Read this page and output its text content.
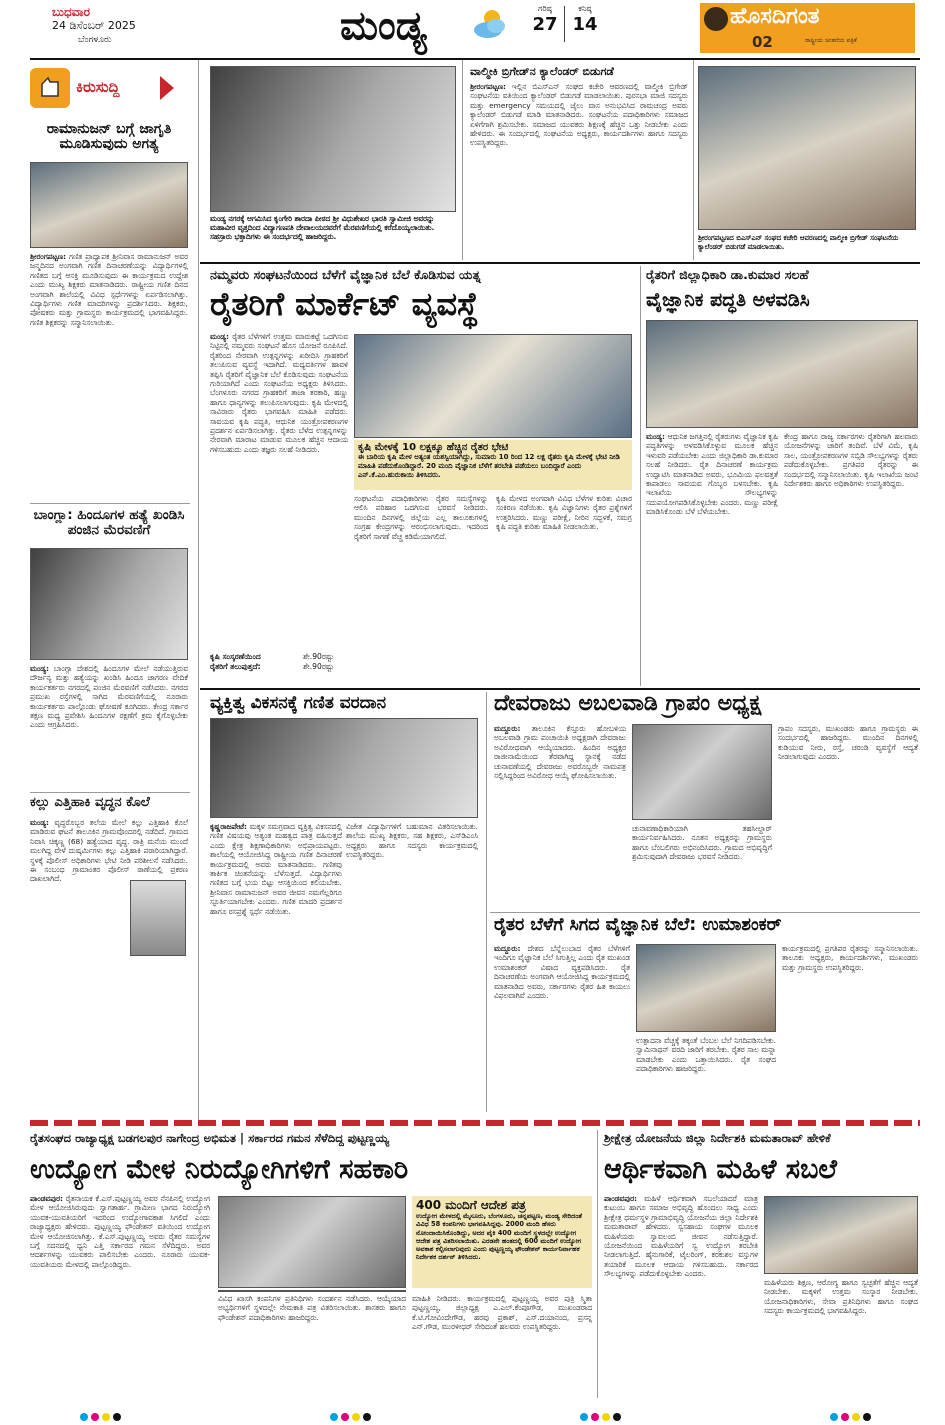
ಬುಧವಾರ
24 ಡಿಸೆಂಬರ್ 2025
ಬೆಂಗಳೂರು	ಮಂಡ್ಯ	ಗರಿಷ್ಠ
27
ಕನಿಷ್ಠ
14	ಹೊಸದಿಗಂತ
02	ರಾಷ್ಟ್ರೀಯ ಚಿಂತನೆಯ ಪತ್ರಿಕೆ
ಕಿರುಸುದ್ದಿ
ರಾಮಾನುಜನ್ ಬಗ್ಗೆ ಜಾಗೃತಿ ಮೂಡಿಸುವುದು ಅಗತ್ಯ
ಶ್ರೀರಂಗಪಟ್ಟಣ: ಗಣಿತ ಪ್ರಾಧ್ಯಾಪಕ ಶ್ರೀನಿವಾಸ ರಾಮಾನುಜನ್ ಅವರ ಜನ್ಮದಿನದ ಅಂಗವಾಗಿ ಗಣಿತ ದಿನಾಚರಣೆಯನ್ನು ವಿದ್ಯಾರ್ಥಿಗಳಲ್ಲಿ ಗಣಿತದ ಬಗ್ಗೆ ಆಸಕ್ತಿ ಮೂಡಿಸುವುದು ಈ ಕಾರ್ಯಕ್ರಮದ ಉದ್ದೇಶ ಎಂದು ಮುಖ್ಯ ಶಿಕ್ಷಕರು ಮಾತನಾಡಿದರು. ರಾಷ್ಟ್ರೀಯ ಗಣಿತ ದಿನದ ಅಂಗವಾಗಿ ಶಾಲೆಯಲ್ಲಿ ವಿವಿಧ ಸ್ಪರ್ಧೆಗಳನ್ನು ಏರ್ಪಡಿಸಲಾಗಿತ್ತು. ವಿದ್ಯಾರ್ಥಿಗಳು ಗಣಿತ ಮಾದರಿಗಳನ್ನು ಪ್ರದರ್ಶಿಸಿದರು. ಶಿಕ್ಷಕರು, ಪೋಷಕರು ಮತ್ತು ಗ್ರಾಮಸ್ಥರು ಕಾರ್ಯಕ್ರಮದಲ್ಲಿ ಭಾಗವಹಿಸಿದ್ದರು. ಗಣಿತ ಶಿಕ್ಷಕರನ್ನು ಸನ್ಮಾನಿಸಲಾಯಿತು.
ಬಾಂಗ್ಲಾ: ಹಿಂದೂಗಳ ಹತ್ಯೆ ಖಂಡಿಸಿ ಪಂಜಿನ ಮೆರವಣಿಗೆ
ಮಂಡ್ಯ: ಬಾಂಗ್ಲಾ ದೇಶದಲ್ಲಿ ಹಿಂದೂಗಳ ಮೇಲೆ ನಡೆಯುತ್ತಿರುವ ದೌರ್ಜನ್ಯ ಮತ್ತು ಹತ್ಯೆಯನ್ನು ಖಂಡಿಸಿ ಹಿಂದೂ ಜಾಗರಣ ವೇದಿಕೆ ಕಾರ್ಯಕರ್ತರು ನಗರದಲ್ಲಿ ಪಂಜಿನ ಮೆರವಣಿಗೆ ನಡೆಸಿದರು. ನಗರದ ಪ್ರಮುಖ ರಸ್ತೆಗಳಲ್ಲಿ ಸಾಗಿದ ಮೆರವಣಿಗೆಯಲ್ಲಿ ನೂರಾರು ಕಾರ್ಯಕರ್ತರು ಪಾಲ್ಗೊಂಡು ಘೋಷಣೆ ಕೂಗಿದರು. ಕೇಂದ್ರ ಸರ್ಕಾರ ತಕ್ಷಣ ಮಧ್ಯ ಪ್ರವೇಶಿಸಿ ಹಿಂದೂಗಳ ರಕ್ಷಣೆಗೆ ಕ್ರಮ ಕೈಗೊಳ್ಳಬೇಕು ಎಂದು ಆಗ್ರಹಿಸಿದರು.
ಕಲ್ಲು ಎತ್ತಿಹಾಕಿ ವೃದ್ಧನ ಕೊಲೆ
ಮಂಡ್ಯ: ವೃದ್ಧರೊಬ್ಬರ ತಲೆಯ ಮೇಲೆ ಕಲ್ಲು ಎತ್ತಿಹಾಕಿ ಕೊಲೆ ಮಾಡಿರುವ ಘಟನೆ ತಾಲೂಕಿನ ಗ್ರಾಮವೊಂದರಲ್ಲಿ ನಡೆದಿದೆ. ಗ್ರಾಮದ ನಿವಾಸಿ ಚಿಕ್ಕಣ್ಣ (68) ಹತ್ಯೆಯಾದ ವೃದ್ಧ. ರಾತ್ರಿ ಮನೆಯ ಮುಂದೆ ಮಲಗಿದ್ದ ವೇಳೆ ದುಷ್ಕರ್ಮಿಗಳು ಕಲ್ಲು ಎತ್ತಿಹಾಕಿ ಪರಾರಿಯಾಗಿದ್ದಾರೆ. ಸ್ಥಳಕ್ಕೆ ಪೊಲೀಸ್ ಅಧಿಕಾರಿಗಳು ಭೇಟಿ ನೀಡಿ ಪರಿಶೀಲನೆ ನಡೆಸಿದರು. ಈ ಸಂಬಂಧ ಗ್ರಾಮಾಂತರ ಪೊಲೀಸ್ ಠಾಣೆಯಲ್ಲಿ ಪ್ರಕರಣ ದಾಖಲಾಗಿದೆ.
ಮಂಡ್ಯ ನಗರಕ್ಕೆ ಆಗಮಿಸಿದ ಕೃಂಗೇರಿ ಶಾರದಾ ಪೀಠದ ಶ್ರೀ ವಿಧುಶೇಖರ ಭಾರತಿ ಸ್ವಾಮೀಜಿ ಅವರನ್ನು ಮಹಾವೀರ ವೃತ್ತದಿಂದ ವಿದ್ಯಾಗಣಪತಿ ದೇವಾಲಯದವರೆಗೆ ಮೆರವಣಿಗೆಯಲ್ಲಿ ಕರೆದೊಯ್ಯಲಾಯಿತು. ಸಹಸ್ರಾರು ಭಕ್ತಾದಿಗಳು ಈ ಸಂದರ್ಭದಲ್ಲಿ ಹಾಜರಿದ್ದರು.
ವಾಲ್ಮೀಕಿ ಬ್ರಿಗೇಡ್‌ನ ಕ್ಯಾಲೆಂಡರ್ ಬಿಡುಗಡೆ
ಶ್ರೀರಂಗಪಟ್ಟಣ: ಇಲ್ಲಿನ ಬಿಎಸ್‌ಎನ್ ಸಂಘದ ಕಚೇರಿ ಆವರಣದಲ್ಲಿ ವಾಲ್ಮೀಕಿ ಬ್ರಿಗೇಡ್ ಸಂಘಟನೆಯ ವತಿಯಿಂದ ಕ್ಯಾಲೆಂಡರ್ ಬಿಡುಗಡೆ ಮಾಡಲಾಯಿತು. ಪುರಸಭಾ ಮಾಜಿ ಸದಸ್ಯರು ಮತ್ತು emergency ಸಮಯದಲ್ಲಿ ಜೈಲು ವಾಸ ಅನುಭವಿಸಿದ ರಾಮಚಂದ್ರ ಅವರು ಕ್ಯಾಲೆಂಡರ್ ಬಿಡುಗಡೆ ಮಾಡಿ ಮಾತನಾಡಿದರು. ಸಂಘಟನೆಯ ಪದಾಧಿಕಾರಿಗಳು ಸಮಾಜದ ಏಳಿಗೆಗಾಗಿ ಶ್ರಮಿಸಬೇಕು. ಸಮಾಜದ ಯುವಕರು ಶಿಕ್ಷಣಕ್ಕೆ ಹೆಚ್ಚಿನ ಒತ್ತು ನೀಡಬೇಕು ಎಂದು ಹೇಳಿದರು. ಈ ಸಂದರ್ಭದಲ್ಲಿ ಸಂಘಟನೆಯ ಅಧ್ಯಕ್ಷರು, ಕಾರ್ಯದರ್ಶಿಗಳು ಹಾಗೂ ಸದಸ್ಯರು ಉಪಸ್ಥಿತರಿದ್ದರು.
ಶ್ರೀರಂಗಪಟ್ಟಣದ ಬಿಎಸ್‌ಎನ್ ಸಂಘದ ಕಚೇರಿ ಆವರಣದಲ್ಲಿ ವಾಲ್ಮೀಕಿ ಬ್ರಿಗೇಡ್ ಸಂಘಟನೆಯ ಕ್ಯಾಲೆಂಡರ್ ಬಿಡುಗಡೆ ಮಾಡಲಾಯಿತು.
ನಮ್ಮವರು ಸಂಘಟನೆಯಿಂದ ಬೆಳೆಗೆ ವೈಜ್ಞಾನಿಕ ಬೆಲೆ ಕೊಡಿಸುವ ಯತ್ನ
ರೈತರಿಗೆ ಮಾರ್ಕೆಟ್ ವ್ಯವಸ್ಥೆ
ಮಂಡ್ಯ: ರೈತರ ಬೆಳೆಗಳಿಗೆ ಉತ್ತಮ ಮಾರುಕಟ್ಟೆ ಒದಗಿಸುವ ನಿಟ್ಟಿನಲ್ಲಿ ನಮ್ಮವರು ಸಂಘಟನೆ ಹೊಸ ಯೋಜನೆ ರೂಪಿಸಿದೆ. ರೈತರಿಂದ ನೇರವಾಗಿ ಉತ್ಪನ್ನಗಳನ್ನು ಖರೀದಿಸಿ ಗ್ರಾಹಕರಿಗೆ ತಲುಪಿಸುವ ವ್ಯವಸ್ಥೆ ಇದಾಗಿದೆ. ಮಧ್ಯವರ್ತಿಗಳ ಹಾವಳಿ ತಪ್ಪಿಸಿ ರೈತರಿಗೆ ವೈಜ್ಞಾನಿಕ ಬೆಲೆ ಕೊಡಿಸುವುದು ಸಂಘಟನೆಯ ಗುರಿಯಾಗಿದೆ ಎಂದು ಸಂಘಟನೆಯ ಅಧ್ಯಕ್ಷರು ತಿಳಿಸಿದರು. ಬೆಂಗಳೂರು ನಗರದ ಗ್ರಾಹಕರಿಗೆ ತಾಜಾ ತರಕಾರಿ, ಹಣ್ಣು ಹಾಗೂ ಧಾನ್ಯಗಳನ್ನು ತಲುಪಿಸಲಾಗುವುದು. ಕೃಷಿ ಮೇಳದಲ್ಲಿ ಸಾವಿರಾರು ರೈತರು ಭಾಗವಹಿಸಿ ಮಾಹಿತಿ ಪಡೆದರು. ಸಾವಯವ ಕೃಷಿ ಪದ್ಧತಿ, ಆಧುನಿಕ ಯಂತ್ರೋಪಕರಣಗಳ ಪ್ರದರ್ಶನ ಏರ್ಪಡಿಸಲಾಗಿತ್ತು. ರೈತರು ಬೆಳೆದ ಉತ್ಪನ್ನಗಳನ್ನು ನೇರವಾಗಿ ಮಾರಾಟ ಮಾಡುವ ಮೂಲಕ ಹೆಚ್ಚಿನ ಆದಾಯ ಗಳಿಸಬಹುದು ಎಂದು ತಜ್ಞರು ಸಲಹೆ ನೀಡಿದರು.
ಕೃಷಿ ಸಂಸ್ಕರಣೆಯಿಂದ	ಶೇ.90ರಷ್ಟು
ರೈತರಿಗೆ ತಲುಪುತ್ತದೆ:	ಶೇ.90ರಷ್ಟು
ಕೃಷಿ ಮೇಳಕ್ಕೆ 10 ಲಕ್ಷಕ್ಕೂ ಹೆಚ್ಚಿನ ರೈತರ ಭೇಟಿ
ಈ ಬಾರಿಯ ಕೃಷಿ ಮೇಳ ಅತ್ಯಂತ ಯಶಸ್ವಿಯಾಗಿದ್ದು, ಸುಮಾರು 10 ರಿಂದ 12 ಲಕ್ಷ ರೈತರು ಕೃಷಿ ಮೇಳಕ್ಕೆ ಭೇಟಿ ನೀಡಿ ಮಾಹಿತಿ ಪಡೆದುಕೊಂಡಿದ್ದಾರೆ. 20 ಮಂದಿ ವೈಜ್ಞಾನಿಕ ಬೆಳೆಗೆ ತರಬೇತಿ ಪಡೆಯಲು ಬಂದಿದ್ದಾರೆ ಎಂದು ಎನ್.ಕೆ.ಎಂ.ಹುರುಕಾಯಿ ತಿಳಿಸಿದರು.
ಸಂಘಟನೆಯ ಪದಾಧಿಕಾರಿಗಳು ರೈತರ ಸಮಸ್ಯೆಗಳನ್ನು ಆಲಿಸಿ ಪರಿಹಾರ ಒದಗಿಸುವ ಭರವಸೆ ನೀಡಿದರು. ಮುಂದಿನ ದಿನಗಳಲ್ಲಿ ಜಿಲ್ಲೆಯ ಎಲ್ಲ ತಾಲೂಕುಗಳಲ್ಲಿ ಸಂಗ್ರಹ ಕೇಂದ್ರಗಳನ್ನು ಆರಂಭಿಸಲಾಗುವುದು. ಇದರಿಂದ ರೈತರಿಗೆ ಸಾಗಣೆ ವೆಚ್ಚ ಕಡಿಮೆಯಾಗಲಿದೆ.
ಕೃಷಿ ಮೇಳದ ಅಂಗವಾಗಿ ವಿವಿಧ ಬೆಳೆಗಳ ಕುರಿತು ವಿಚಾರ ಸಂಕಿರಣ ನಡೆಯಿತು. ಕೃಷಿ ವಿಜ್ಞಾನಿಗಳು ರೈತರ ಪ್ರಶ್ನೆಗಳಿಗೆ ಉತ್ತರಿಸಿದರು. ಮಣ್ಣು ಪರೀಕ್ಷೆ, ನೀರಿನ ಸದ್ಬಳಕೆ, ಸಮಗ್ರ ಕೃಷಿ ಪದ್ಧತಿ ಕುರಿತು ಮಾಹಿತಿ ನೀಡಲಾಯಿತು.
ರೈತರಿಗೆ ಜಿಲ್ಲಾಧಿಕಾರಿ ಡಾ.ಕುಮಾರ ಸಲಹೆ
ವೈಜ್ಞಾನಿಕ ಪದ್ಧತಿ ಅಳವಡಿಸಿ
ಮಂಡ್ಯ: ಆಧುನಿಕ ಜಗತ್ತಿನಲ್ಲಿ ರೈತರುಗಳು ವೈಜ್ಞಾನಿಕ ಕೃಷಿ ಪದ್ಧತಿಗಳನ್ನು ಅಳವಡಿಸಿಕೊಳ್ಳುವ ಮೂಲಕ ಹೆಚ್ಚಿನ ಇಳುವರಿ ಪಡೆಯಬೇಕು ಎಂದು ಜಿಲ್ಲಾಧಿಕಾರಿ ಡಾ.ಕುಮಾರ ಸಲಹೆ ನೀಡಿದರು. ರೈತ ದಿನಾಚರಣೆ ಕಾರ್ಯಕ್ರಮ ಉದ್ಘಾಟಿಸಿ ಮಾತನಾಡಿದ ಅವರು, ಭೂಮಿಯ ಫಲವತ್ತತೆ ಕಾಪಾಡಲು ಸಾವಯವ ಗೊಬ್ಬರ ಬಳಸಬೇಕು. ಕೃಷಿ ಇಲಾಖೆಯ ಸೌಲಭ್ಯಗಳನ್ನು ಸದುಪಯೋಗಪಡಿಸಿಕೊಳ್ಳಬೇಕು ಎಂದರು. ಮಣ್ಣು ಪರೀಕ್ಷೆ ಮಾಡಿಸಿಕೊಂಡು ಬೆಳೆ ಬೆಳೆಯಬೇಕು.
ಕೇಂದ್ರ ಹಾಗೂ ರಾಜ್ಯ ಸರ್ಕಾರಗಳು ರೈತರಿಗಾಗಿ ಹಲವಾರು ಯೋಜನೆಗಳನ್ನು ಜಾರಿಗೆ ತಂದಿವೆ. ಬೆಳೆ ವಿಮೆ, ಕೃಷಿ ಸಾಲ, ಯಂತ್ರೋಪಕರಣಗಳ ಸಬ್ಸಿಡಿ ಸೌಲಭ್ಯಗಳನ್ನು ರೈತರು ಪಡೆದುಕೊಳ್ಳಬೇಕು. ಪ್ರಗತಿಪರ ರೈತರನ್ನು ಈ ಸಂದರ್ಭದಲ್ಲಿ ಸನ್ಮಾನಿಸಲಾಯಿತು. ಕೃಷಿ ಇಲಾಖೆಯ ಜಂಟಿ ನಿರ್ದೇಶಕರು ಹಾಗೂ ಅಧಿಕಾರಿಗಳು ಉಪಸ್ಥಿತರಿದ್ದರು.
ವ್ಯಕ್ತಿತ್ವ ವಿಕಸನಕ್ಕೆ ಗಣಿತ ವರದಾನ
ಕೃಷ್ಣರಾಜಪೇಟೆ: ಮಕ್ಕಳ ಸಮಗ್ರವಾದ ವ್ಯಕ್ತಿತ್ವ ವಿಕಸನದಲ್ಲಿ ಗಣಿತ ವಿಷಯವು ಅತ್ಯಂತ ಮಹತ್ವದ ಪಾತ್ರ ವಹಿಸುತ್ತದೆ ಎಂದು ಕ್ಷೇತ್ರ ಶಿಕ್ಷಣಾಧಿಕಾರಿಗಳು ಅಭಿಪ್ರಾಯಪಟ್ಟರು. ಶಾಲೆಯಲ್ಲಿ ಆಯೋಜಿಸಿದ್ದ ರಾಷ್ಟ್ರೀಯ ಗಣಿತ ದಿನಾಚರಣೆ ಕಾರ್ಯಕ್ರಮದಲ್ಲಿ ಅವರು ಮಾತನಾಡಿದರು. ಗಣಿತವು ತಾರ್ಕಿಕ ಚಿಂತನೆಯನ್ನು ಬೆಳೆಸುತ್ತದೆ. ವಿದ್ಯಾರ್ಥಿಗಳು ಗಣಿತದ ಬಗ್ಗೆ ಭಯ ಬಿಟ್ಟು ಆಸಕ್ತಿಯಿಂದ ಕಲಿಯಬೇಕು. ಶ್ರೀನಿವಾಸ ರಾಮಾನುಜನ್ ಅವರ ಜೀವನ ನಮಗೆಲ್ಲರಿಗೂ ಸ್ಫೂರ್ತಿಯಾಗಬೇಕು ಎಂದರು. ಗಣಿತ ಮಾದರಿ ಪ್ರದರ್ಶನ ಹಾಗೂ ರಸಪ್ರಶ್ನೆ ಸ್ಪರ್ಧೆ ನಡೆಯಿತು.
ವಿಜೇತ ವಿದ್ಯಾರ್ಥಿಗಳಿಗೆ ಬಹುಮಾನ ವಿತರಿಸಲಾಯಿತು. ಶಾಲೆಯ ಮುಖ್ಯ ಶಿಕ್ಷಕರು, ಸಹ ಶಿಕ್ಷಕರು, ಎಸ್‌ಡಿಎಂಸಿ ಅಧ್ಯಕ್ಷರು ಹಾಗೂ ಸದಸ್ಯರು ಕಾರ್ಯಕ್ರಮದಲ್ಲಿ ಉಪಸ್ಥಿತರಿದ್ದರು.
ದೇವರಾಜು ಅಬಲವಾಡಿ ಗ್ರಾಪಂ ಅಧ್ಯಕ್ಷ
ಮದ್ದೂರು: ತಾಲೂಕಿನ ಕೆಸ್ತೂರು ಹೋಬಳಿಯ ಅಬಲವಾಡಿ ಗ್ರಾಮ ಪಂಚಾಯಿತಿ ಅಧ್ಯಕ್ಷರಾಗಿ ದೇವರಾಜು ಅವಿರೋಧವಾಗಿ ಆಯ್ಕೆಯಾದರು. ಹಿಂದಿನ ಅಧ್ಯಕ್ಷರ ರಾಜೀನಾಮೆಯಿಂದ ತೆರವಾಗಿದ್ದ ಸ್ಥಾನಕ್ಕೆ ನಡೆದ ಚುನಾವಣೆಯಲ್ಲಿ ದೇವರಾಜು ಅವರೊಬ್ಬರೇ ನಾಮಪತ್ರ ಸಲ್ಲಿಸಿದ್ದರಿಂದ ಅವಿರೋಧ ಆಯ್ಕೆ ಘೋಷಿಸಲಾಯಿತು.
ಚುನಾವಣಾಧಿಕಾರಿಯಾಗಿ ತಹಸೀಲ್ದಾರ್ ಕಾರ್ಯನಿರ್ವಹಿಸಿದರು. ನೂತನ ಅಧ್ಯಕ್ಷರನ್ನು ಗ್ರಾಮಸ್ಥರು ಹಾಗೂ ಬೆಂಬಲಿಗರು ಅಭಿನಂದಿಸಿದರು. ಗ್ರಾಮದ ಅಭಿವೃದ್ಧಿಗೆ ಶ್ರಮಿಸುವುದಾಗಿ ದೇವರಾಜು ಭರವಸೆ ನೀಡಿದರು.
ಗ್ರಾಪಂ ಸದಸ್ಯರು, ಮುಖಂಡರು ಹಾಗೂ ಗ್ರಾಮಸ್ಥರು ಈ ಸಂದರ್ಭದಲ್ಲಿ ಹಾಜರಿದ್ದರು. ಮುಂದಿನ ದಿನಗಳಲ್ಲಿ ಕುಡಿಯುವ ನೀರು, ರಸ್ತೆ, ಚರಂಡಿ ವ್ಯವಸ್ಥೆಗೆ ಆದ್ಯತೆ ನೀಡಲಾಗುವುದು ಎಂದರು.
ರೈತರ ಬೆಳೆಗೆ ಸಿಗದ ವೈಜ್ಞಾನಿಕ ಬೆಲೆ: ಉಮಾಶಂಕರ್
ಮದ್ದೂರು: ದೇಶದ ಬೆನ್ನೆಲುಬಾದ ರೈತರ ಬೆಳೆಗಳಿಗೆ ಇಂದಿಗೂ ವೈಜ್ಞಾನಿಕ ಬೆಲೆ ಸಿಗುತ್ತಿಲ್ಲ ಎಂದು ರೈತ ಮುಖಂಡ ಉಮಾಶಂಕರ್ ವಿಷಾದ ವ್ಯಕ್ತಪಡಿಸಿದರು. ರೈತ ದಿನಾಚರಣೆಯ ಅಂಗವಾಗಿ ಆಯೋಜಿಸಿದ್ದ ಕಾರ್ಯಕ್ರಮದಲ್ಲಿ ಮಾತನಾಡಿದ ಅವರು, ಸರ್ಕಾರಗಳು ರೈತರ ಹಿತ ಕಾಯಲು ವಿಫಲವಾಗಿವೆ ಎಂದರು.
ಉತ್ಪಾದನಾ ವೆಚ್ಚಕ್ಕೆ ತಕ್ಕಂತೆ ಬೆಂಬಲ ಬೆಲೆ ನಿಗದಿಪಡಿಸಬೇಕು. ಸ್ವಾಮಿನಾಥನ್ ವರದಿ ಜಾರಿಗೆ ತರಬೇಕು. ರೈತರ ಸಾಲ ಮನ್ನಾ ಮಾಡಬೇಕು ಎಂದು ಒತ್ತಾಯಿಸಿದರು. ರೈತ ಸಂಘದ ಪದಾಧಿಕಾರಿಗಳು ಹಾಜರಿದ್ದರು.
ಕಾರ್ಯಕ್ರಮದಲ್ಲಿ ಪ್ರಗತಿಪರ ರೈತರನ್ನು ಸನ್ಮಾನಿಸಲಾಯಿತು. ತಾಲೂಕು ಅಧ್ಯಕ್ಷರು, ಕಾರ್ಯದರ್ಶಿಗಳು, ಮುಖಂಡರು ಮತ್ತು ಗ್ರಾಮಸ್ಥರು ಉಪಸ್ಥಿತರಿದ್ದರು.
ರೈತಸಂಘದ ರಾಜ್ಯಾಧ್ಯಕ್ಷ ಬಡಗಲಪುರ ನಾಗೇಂದ್ರ ಅಭಿಮತ | ಸರ್ಕಾರದ ಗಮನ ಸೆಳೆದಿದ್ದ ಪುಟ್ಟಣ್ಣಯ್ಯ
ಉದ್ಯೋಗ ಮೇಳ ನಿರುದ್ಯೋಗಿಗಳಿಗೆ ಸಹಕಾರಿ
ಪಾಂಡವಪುರ: ರೈತನಾಯಕ ಕೆ.ಎಸ್.ಪುಟ್ಟಣ್ಣಯ್ಯ ಅವರ ನೆನಪಿನಲ್ಲಿ ಉದ್ಯೋಗ ಮೇಳ ಆಯೋಜಿಸಿರುವುದು ಸ್ವಾಗತಾರ್ಹ. ಗ್ರಾಮೀಣ ಭಾಗದ ನಿರುದ್ಯೋಗಿ ಯುವಕ-ಯುವತಿಯರಿಗೆ ಇದರಿಂದ ಉದ್ಯೋಗಾವಕಾಶ ಸಿಗಲಿದೆ ಎಂದು ರಾಜ್ಯಾಧ್ಯಕ್ಷರು ಹೇಳಿದರು. ಪುಟ್ಟಣ್ಣಯ್ಯ ಫೌಂಡೇಶನ್ ವತಿಯಿಂದ ಉದ್ಯೋಗ ಮೇಳ ಆಯೋಜಿಸಲಾಗಿತ್ತು. ಕೆ.ಎಸ್.ಪುಟ್ಟಣ್ಣಯ್ಯ ಅವರು ರೈತರ ಸಮಸ್ಯೆಗಳ ಬಗ್ಗೆ ಸದನದಲ್ಲಿ ಧ್ವನಿ ಎತ್ತಿ ಸರ್ಕಾರದ ಗಮನ ಸೆಳೆದಿದ್ದರು. ಅವರ ಆದರ್ಶಗಳನ್ನು ಯುವಕರು ಪಾಲಿಸಬೇಕು ಎಂದರು. ನೂರಾರು ಯುವಕ-ಯುವತಿಯರು ಮೇಳದಲ್ಲಿ ಪಾಲ್ಗೊಂಡಿದ್ದರು.
400 ಮಂದಿಗೆ ಆದೇಶ ಪತ್ರ
ಉದ್ಯೋಗ ಮೇಳದಲ್ಲಿ ಮೈಸೂರು, ಬೆಂಗಳೂರು, ಚನ್ನಪಟ್ಟಣ, ಮಂಡ್ಯ ಸೇರಿದಂತೆ ವಿವಿಧ 58 ಕಂಪನಿಗಳು ಭಾಗವಹಿಸಿದ್ದವು. 2000 ಮಂದಿ ಹೆಸರು ನೋಂದಾಯಿಸಿಕೊಂಡಿದ್ದು, ಅದರ ಪೈಕಿ 400 ಮಂದಿಗೆ ಸ್ಥಳದಲ್ಲೇ ಉದ್ಯೋಗ ಆದೇಶ ಪತ್ರ ವಿತರಿಸಲಾಯಿತು. ಎರಡನೇ ಹಂತದಲ್ಲಿ 600 ಮಂದಿಗೆ ಉದ್ಯೋಗ ಅವಕಾಶ ಕಲ್ಪಿಸಲಾಗುವುದು ಎಂದು ಪುಟ್ಟಣ್ಣಯ್ಯ ಫೌಂಡೇಶನ್ ಕಾರ್ಯನಿರ್ವಾಹಕ ನಿರ್ದೇಶಕ ದರ್ಶನ್ ತಿಳಿಸಿದರು.
ವಿವಿಧ ಖಾಸಗಿ ಕಂಪನಿಗಳ ಪ್ರತಿನಿಧಿಗಳು ಸಂದರ್ಶನ ನಡೆಸಿದರು. ಆಯ್ಕೆಯಾದ ಅಭ್ಯರ್ಥಿಗಳಿಗೆ ಸ್ಥಳದಲ್ಲೇ ನೇಮಕಾತಿ ಪತ್ರ ವಿತರಿಸಲಾಯಿತು. ಶಾಸಕರು ಹಾಗೂ ಫೌಂಡೇಶನ್ ಪದಾಧಿಕಾರಿಗಳು ಹಾಜರಿದ್ದರು.
ಮಾಹಿತಿ ನೀಡಿದರು. ಕಾರ್ಯಕ್ರಮದಲ್ಲಿ ಪುಟ್ಟಣ್ಣಯ್ಯ ಅವರ ಪುತ್ರಿ ಸ್ಮಿತಾ ಪುಟ್ಟಣ್ಣಯ್ಯ, ಜಿಲ್ಲಾಧ್ಯಕ್ಷ ಎ.ಎಲ್.ಕೆಂಪೂಗೌಡ, ಮುಖಂಡರಾದ ಕೆ.ಟಿ.ಗೋವಿಂದೇಗೌಡ, ಹರವು ಪ್ರಕಾಶ್, ಎಸ್.ದಯಾನಂದ, ಪ್ರಸನ್ನ ಎನ್.ಗೌಡ, ಮುರಳೀಧರ್ ಸೇರಿದಂತೆ ಹಲವರು ಉಪಸ್ಥಿತರಿದ್ದರು.
ಶ್ರೀಕ್ಷೇತ್ರ ಯೋಜನೆಯ ಜಿಲ್ಲಾ ನಿರ್ದೇಶಕಿ ಮಮತಾರಾವ್ ಹೇಳಿಕೆ
ಆರ್ಥಿಕವಾಗಿ ಮಹಿಳೆ ಸಬಲೆ
ಪಾಂಡವಪುರ: ಮಹಿಳೆ ಆರ್ಥಿಕವಾಗಿ ಸಬಲೆಯಾದರೆ ಮಾತ್ರ ಕುಟುಂಬ ಹಾಗೂ ಸಮಾಜ ಅಭಿವೃದ್ಧಿ ಹೊಂದಲು ಸಾಧ್ಯ ಎಂದು ಶ್ರೀಕ್ಷೇತ್ರ ಧರ್ಮಸ್ಥಳ ಗ್ರಾಮಾಭಿವೃದ್ಧಿ ಯೋಜನೆಯ ಜಿಲ್ಲಾ ನಿರ್ದೇಶಕಿ ಮಮತಾರಾವ್ ಹೇಳಿದರು. ಸ್ವಸಹಾಯ ಸಂಘಗಳ ಮೂಲಕ ಮಹಿಳೆಯರು ಸ್ವಾವಲಂಬಿ ಜೀವನ ನಡೆಸುತ್ತಿದ್ದಾರೆ. ಯೋಜನೆಯಿಂದ ಮಹಿಳೆಯರಿಗೆ ಸ್ವ ಉದ್ಯೋಗ ತರಬೇತಿ ನೀಡಲಾಗುತ್ತಿದೆ. ಹೈನುಗಾರಿಕೆ, ಟೈಲರಿಂಗ್, ಕರಕುಶಲ ವಸ್ತುಗಳ ತಯಾರಿಕೆ ಮೂಲಕ ಆದಾಯ ಗಳಿಸಬಹುದು. ಸರ್ಕಾರದ ಸೌಲಭ್ಯಗಳನ್ನು ಪಡೆದುಕೊಳ್ಳಬೇಕು ಎಂದರು.
ಮಹಿಳೆಯರು ಶಿಕ್ಷಣ, ಆರೋಗ್ಯ ಹಾಗೂ ಸ್ವಚ್ಛತೆಗೆ ಹೆಚ್ಚಿನ ಆದ್ಯತೆ ನೀಡಬೇಕು. ಮಕ್ಕಳಿಗೆ ಉತ್ತಮ ಸಂಸ್ಕಾರ ನೀಡಬೇಕು. ಯೋಜನಾಧಿಕಾರಿಗಳು, ಸೇವಾ ಪ್ರತಿನಿಧಿಗಳು ಹಾಗೂ ಸಂಘದ ಸದಸ್ಯರು ಕಾರ್ಯಕ್ರಮದಲ್ಲಿ ಭಾಗವಹಿಸಿದ್ದರು.
